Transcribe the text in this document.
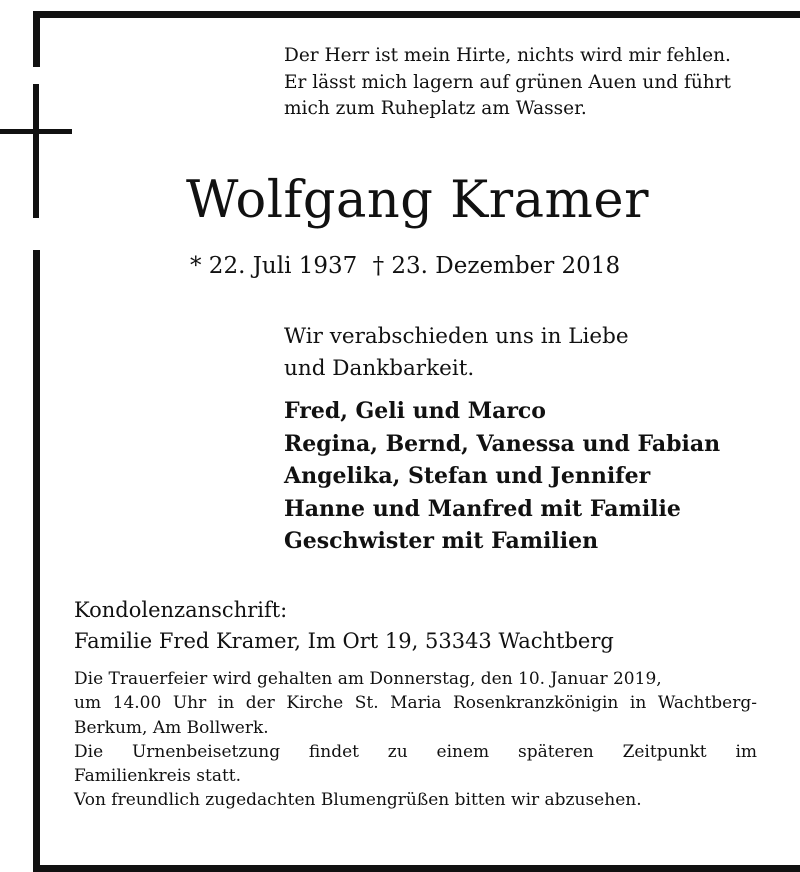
Der Herr ist mein Hirte, nichts wird mir fehlen.
Er lässt mich lagern auf grünen Auen und führt
mich zum Ruheplatz am Wasser.
Wolfgang Kramer
* 22. Juli 1937 † 23. Dezember 2018
Wir verabschieden uns in Liebe
und Dankbarkeit.
Fred, Geli und Marco
Regina, Bernd, Vanessa und Fabian
Angelika, Stefan und Jennifer
Hanne und Manfred mit Familie
Geschwister mit Familien
Kondolenzanschrift:
Familie Fred Kramer, Im Ort 19, 53343 Wachtberg
Die Trauerfeier wird gehalten am Donnerstag, den 10. Januar 2019,
um 14.00 Uhr in der Kirche St. Maria Rosenkranzkönigin in Wachtberg-
Berkum, Am Bollwerk.
Die Urnenbeisetzung findet zu einem späteren Zeitpunkt im
Familienkreis statt.
Von freundlich zugedachten Blumengrüßen bitten wir abzusehen.
